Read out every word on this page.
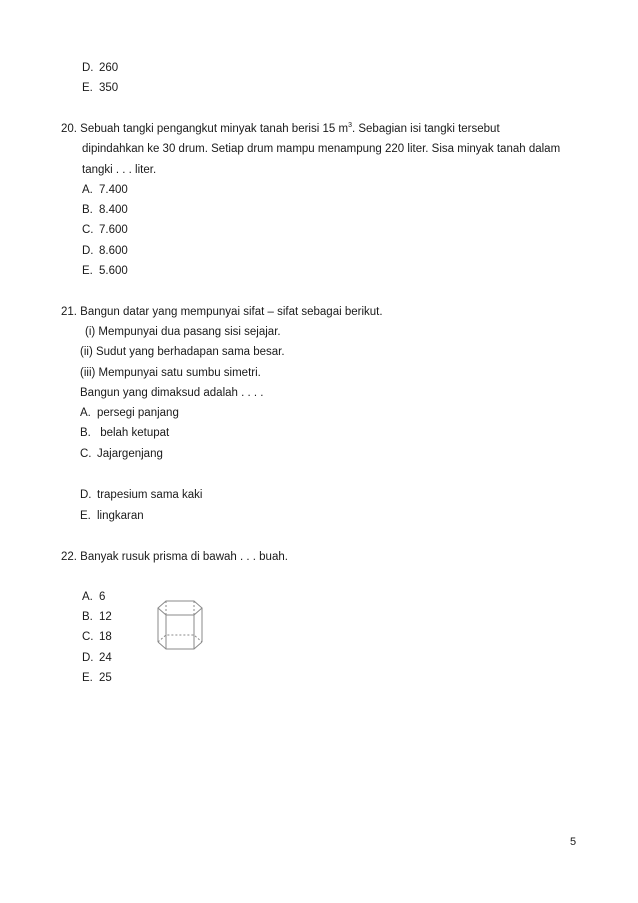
D. 260
E. 350
20. Sebuah tangki pengangkut minyak tanah berisi 15 $m^3$. Sebagian isi tangki tersebut
dipindahkan ke 30 drum. Setiap drum mampu menampung 220 liter. Sisa minyak tanah dalam
tangki . . . liter.
A. 7.400
B. 8.400
C. 7.600
D. 8.600
E. 5.600
21. Bangun datar yang mempunyai sifat – sifat sebagai berikut.
(i) Mempunyai dua pasang sisi sejajar.
(ii) Sudut yang berhadapan sama besar.
(iii) Mempunyai satu sumbu simetri.
Bangun yang dimaksud adalah . . . .
A. persegi panjang
B. belah ketupat
C. Jajargenjang
D. trapesium sama kaki
E. lingkaran
22. Banyak rusuk prisma di bawah . . . buah.
A. 6
B. 12
C. 18
D. 24
E. 25
5
